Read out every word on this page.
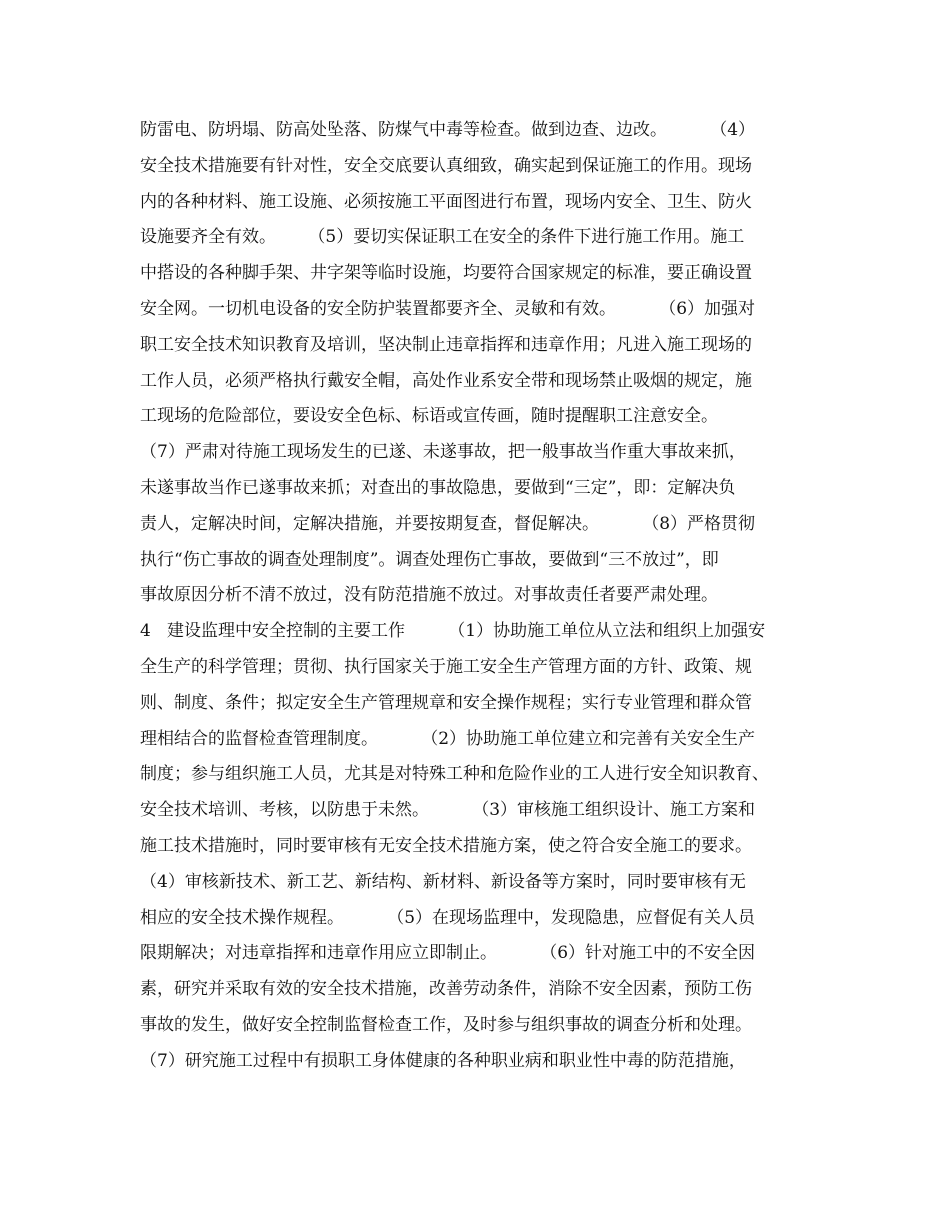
防雷电、防坍塌、防高处坠落、防煤气中毒等检查。做到边查、边改。        （4）
安全技术措施要有针对性，安全交底要认真细致，确实起到保证施工的作用。现场
内的各种材料、施工设施、必须按施工平面图进行布置，现场内安全、卫生、防火
设施要齐全有效。      （5）要切实保证职工在安全的条件下进行施工作用。施工
中搭设的各种脚手架、井字架等临时设施，均要符合国家规定的标准，要正确设置
安全网。一切机电设备的安全防护装置都要齐全、灵敏和有效。        （6）加强对
职工安全技术知识教育及培训，坚决制止违章指挥和违章作用；凡进入施工现场的
工作人员，必须严格执行戴安全帽，高处作业系安全带和现场禁止吸烟的规定，施
工现场的危险部位，要设安全色标、标语或宣传画，随时提醒职工注意安全。
（7）严肃对待施工现场发生的已遂、未遂事故，把一般事故当作重大事故来抓，
未遂事故当作已遂事故来抓；对查出的事故隐患，要做到“三定”，即：定解决负
责人，定解决时间，定解决措施，并要按期复查，督促解决。        （8）严格贯彻
执行“伤亡事故的调查处理制度”。调查处理伤亡事故，要做到“三不放过”，即
事故原因分析不清不放过，没有防范措施不放过。对事故责任者要严肃处理。
4   建设监理中安全控制的主要工作        （1）协助施工单位从立法和组织上加强安
全生产的科学管理；贯彻、执行国家关于施工安全生产管理方面的方针、政策、规
则、制度、条件；拟定安全生产管理规章和安全操作规程；实行专业管理和群众管
理相结合的监督检查管理制度。        （2）协助施工单位建立和完善有关安全生产
制度；参与组织施工人员，尤其是对特殊工种和危险作业的工人进行安全知识教育、
安全技术培训、考核，以防患于未然。        （3）审核施工组织设计、施工方案和
施工技术措施时，同时要审核有无安全技术措施方案，使之符合安全施工的要求。
（4）审核新技术、新工艺、新结构、新材料、新设备等方案时，同时要审核有无
相应的安全技术操作规程。        （5）在现场监理中，发现隐患，应督促有关人员
限期解决；对违章指挥和违章作用应立即制止。        （6）针对施工中的不安全因
素，研究并采取有效的安全技术措施，改善劳动条件，消除不安全因素，预防工伤
事故的发生，做好安全控制监督检查工作，及时参与组织事故的调查分析和处理。
（7）研究施工过程中有损职工身体健康的各种职业病和职业性中毒的防范措施，
